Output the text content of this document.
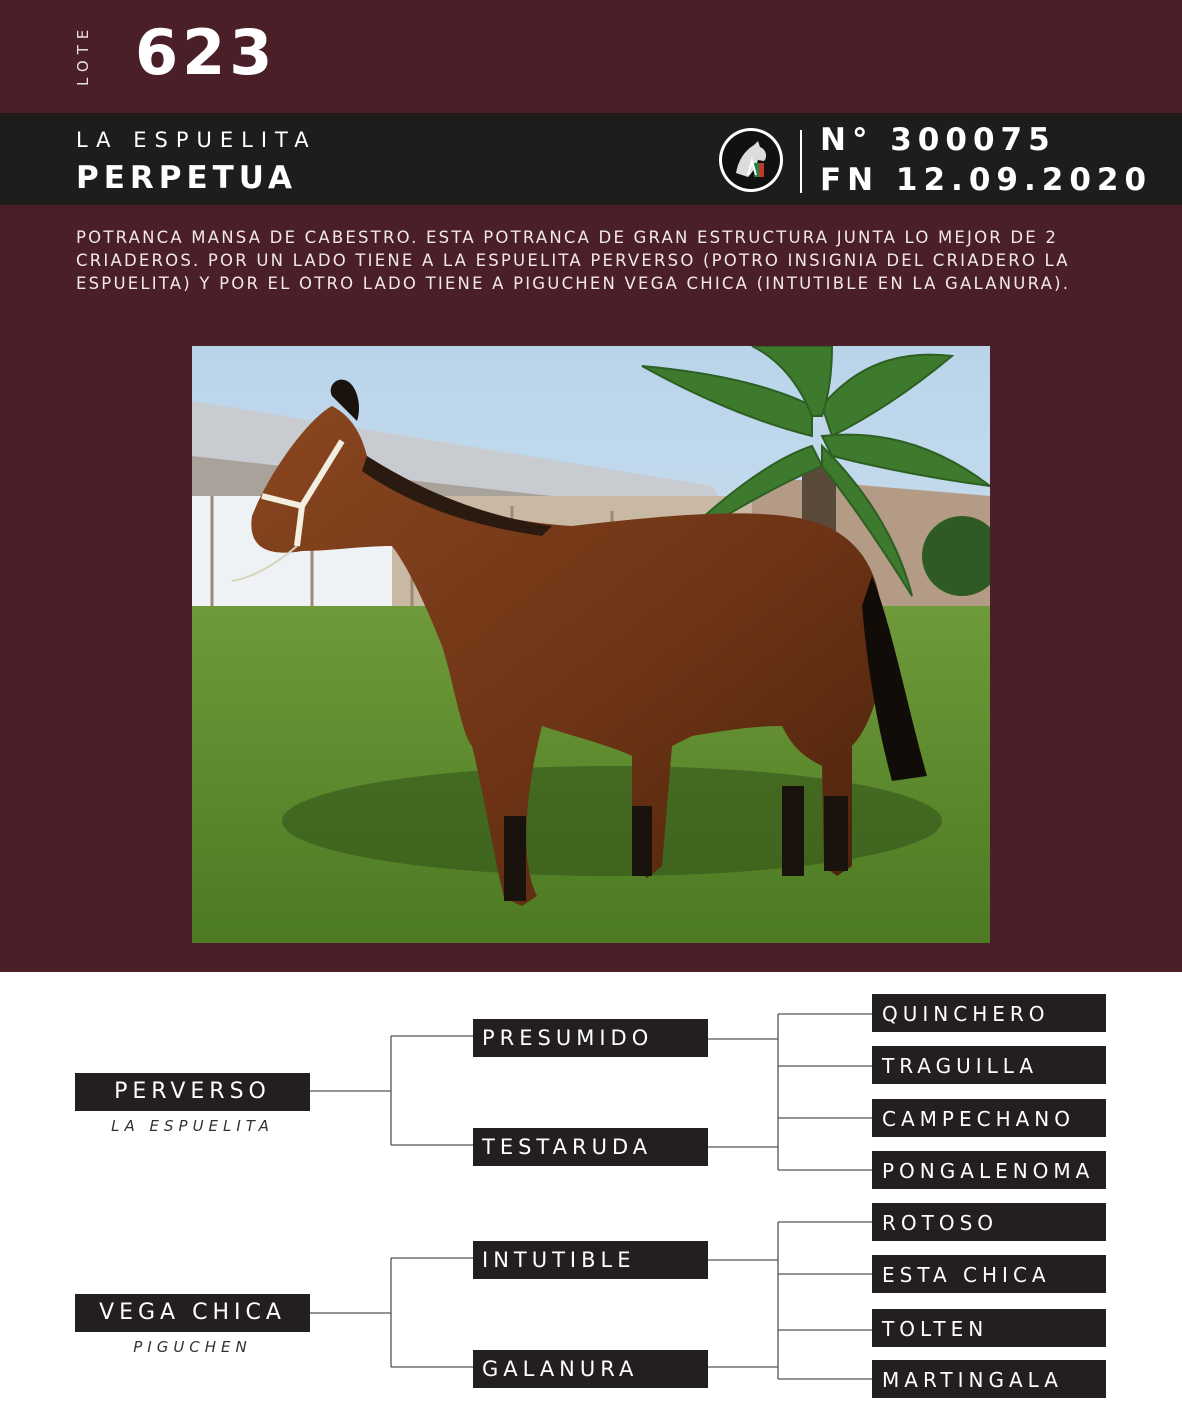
LOTE 623
LA ESPUELITA
PERPETUA
N° 300075
FN 12.09.2020
POTRANCA MANSA DE CABESTRO. ESTA POTRANCA DE GRAN ESTRUCTURA JUNTA LO MEJOR DE 2 CRIADEROS. POR UN LADO TIENE A LA ESPUELITA PERVERSO (POTRO INSIGNIA DEL CRIADERO LA ESPUELITA) Y POR EL OTRO LADO TIENE A PIGUCHEN VEGA CHICA (INTUTIBLE EN LA GALANURA).
PERVERSO
LA ESPUELITA
VEGA CHICA
PIGUCHEN
PRESUMIDO
TESTARUDA
INTUTIBLE
GALANURA
QUINCHERO
TRAGUILLA
CAMPECHANO
PONGALENOMA
ROTOSO
ESTA CHICA
TOLTEN
MARTINGALA
